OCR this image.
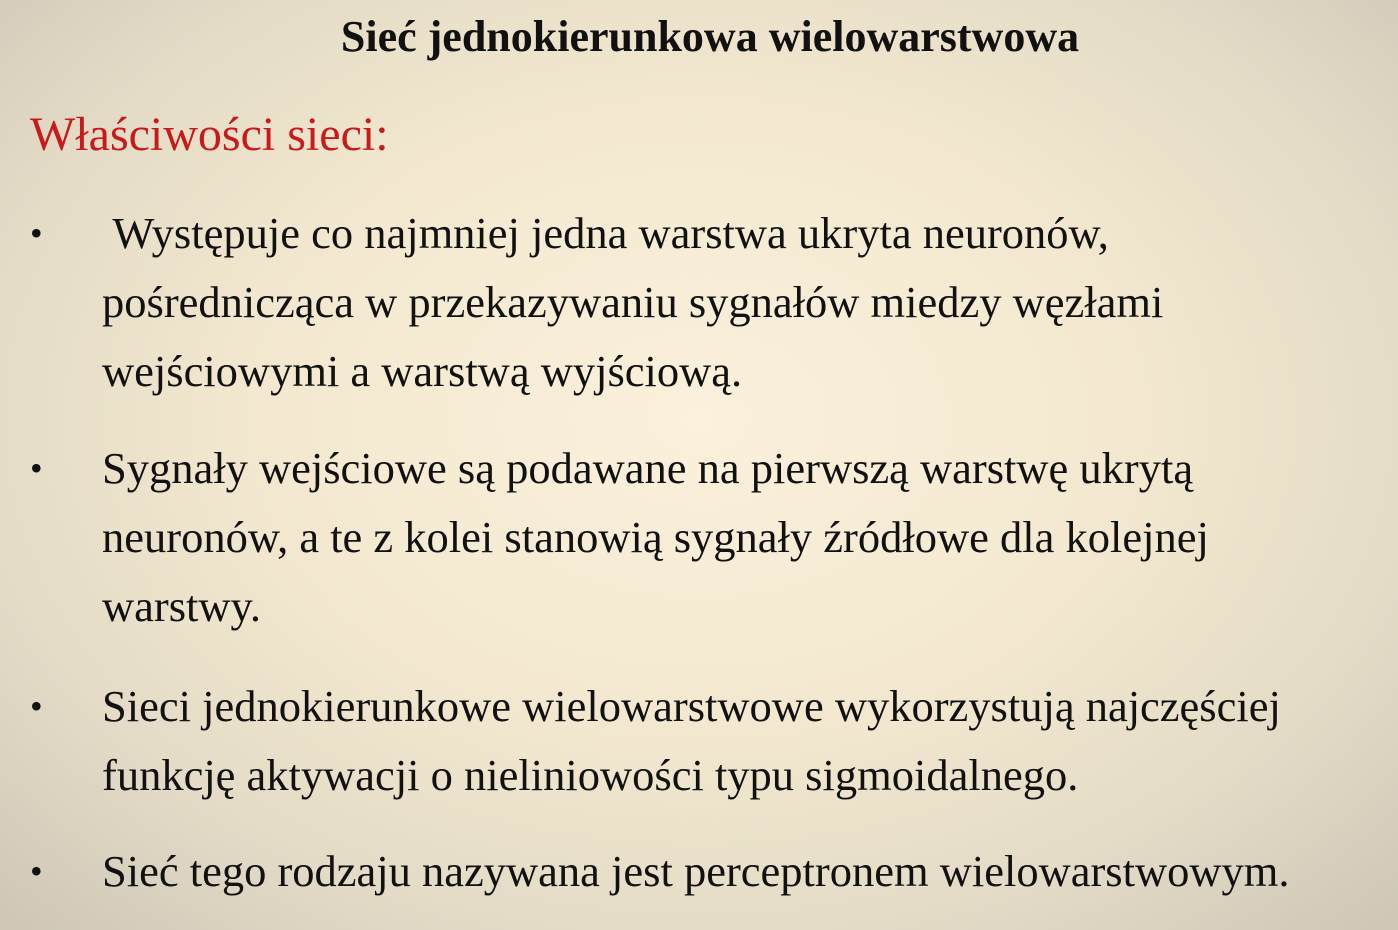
Sieć jednokierunkowa wielowarstwowa
Właściwości sieci:
• Występuje co najmniej jedna warstwa ukryta neuronów,
pośrednicząca w przekazywaniu sygnałów miedzy węzłami
wejściowymi a warstwą wyjściową.
• Sygnały wejściowe są podawane na pierwszą warstwę ukrytą
neuronów, a te z kolei stanowią sygnały źródłowe dla kolejnej
warstwy.
• Sieci jednokierunkowe wielowarstwowe wykorzystują najczęściej
funkcję aktywacji o nieliniowości typu sigmoidalnego.
• Sieć tego rodzaju nazywana jest perceptronem wielowarstwowym.
